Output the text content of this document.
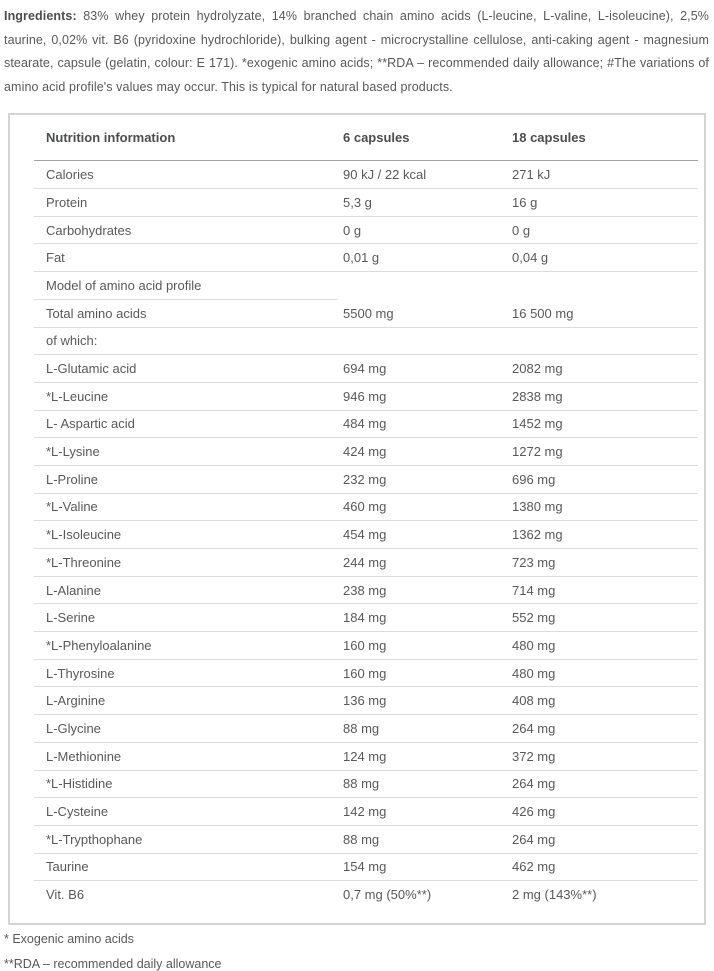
Ingredients: 83% whey protein hydrolyzate, 14% branched chain amino acids (L-leucine, L-valine, L-isoleucine), 2,5% taurine, 0,02% vit. B6 (pyridoxine hydrochloride), bulking agent - microcrystalline cellulose, anti-caking agent - magnesium stearate, capsule (gelatin, colour: E 171). *exogenic amino acids; **RDA – recommended daily allowance; #The variations of amino acid profile's values may occur. This is typical for natural based products.

Nutrition information	6 capsules	18 capsules
Calories	90 kJ / 22 kcal	271 kJ
Protein	5,3 g	16 g
Carbohydrates	0 g	0 g
Fat	0,01 g	0,04 g
Model of amino acid profile
Total amino acids	5500 mg	16 500 mg
of which:
L-Glutamic acid	694 mg	2082 mg
*L-Leucine	946 mg	2838 mg
L- Aspartic acid	484 mg	1452 mg
*L-Lysine	424 mg	1272 mg
L-Proline	232 mg	696 mg
*L-Valine	460 mg	1380 mg
*L-Isoleucine	454 mg	1362 mg
*L-Threonine	244 mg	723 mg
L-Alanine	238 mg	714 mg
L-Serine	184 mg	552 mg
*L-Phenyloalanine	160 mg	480 mg
L-Thyrosine	160 mg	480 mg
L-Arginine	136 mg	408 mg
L-Glycine	88 mg	264 mg
L-Methionine	124 mg	372 mg
*L-Histidine	88 mg	264 mg
L-Cysteine	142 mg	426 mg
*L-Trypthophane	88 mg	264 mg
Taurine	154 mg	462 mg
Vit. B6	0,7 mg (50%**)	2 mg (143%**)
* Exogenic amino acids
**RDA – recommended daily allowance
